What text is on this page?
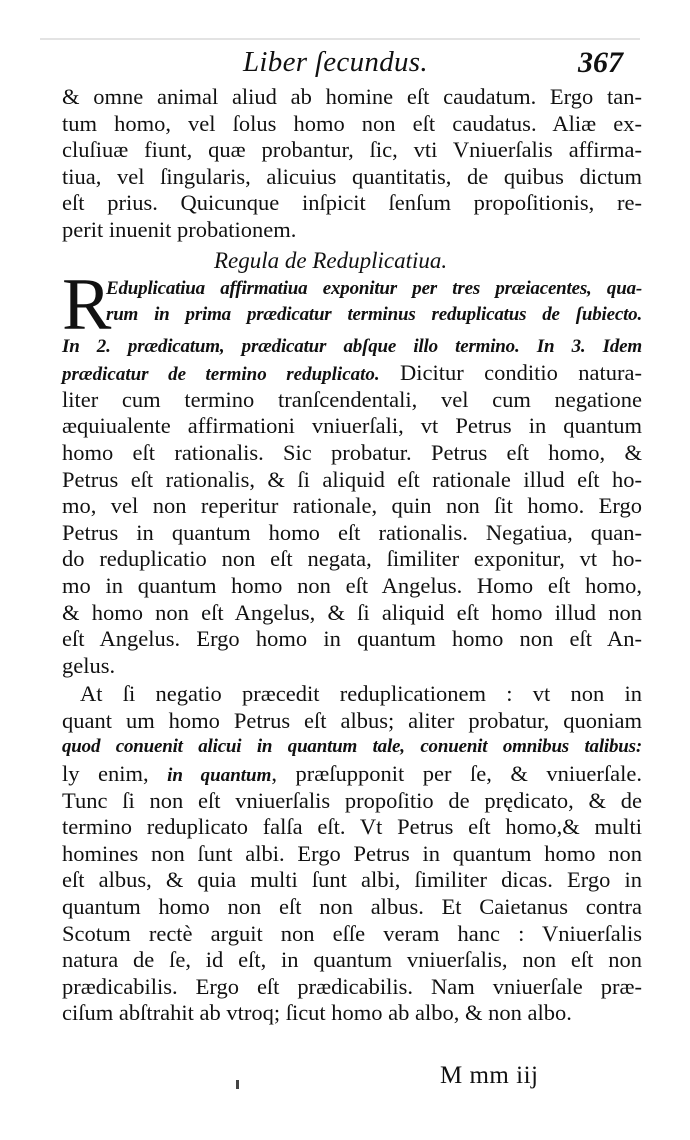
Liber ſecundus.	367
& omne animal aliud ab homine eſt caudatum. Ergo tan-
tum homo, vel ſolus homo non eſt caudatus. Aliæ ex-
cluſiuæ fiunt, quæ probantur, ſic, vti Vniuerſalis affirma-
tiua, vel ſingularis, alicuius quantitatis, de quibus dictum
eſt prius. Quicunque inſpicit ſenſum propoſitionis, re-
perit inuenit probationem.
Regula de Reduplicatiua.
R
Eduplicatiua affirmatiua exponitur per tres præiacentes, qua-
rum in prima prædicatur terminus reduplicatus de ſubiecto.
In 2. prædicatum, prædicatur abſque illo termino. In 3. Idem
prædicatur de termino reduplicato. Dicitur conditio natura-
liter cum termino tranſcendentali, vel cum negatione
æquiualente affirmationi vniuerſali, vt Petrus in quantum
homo eſt rationalis. Sic probatur. Petrus eſt homo, &
Petrus eſt rationalis, & ſi aliquid eſt rationale illud eſt ho-
mo, vel non reperitur rationale, quin non ſit homo. Ergo
Petrus in quantum homo eſt rationalis. Negatiua, quan-
do reduplicatio non eſt negata, ſimiliter exponitur, vt ho-
mo in quantum homo non eſt Angelus. Homo eſt homo,
& homo non eſt Angelus, & ſi aliquid eſt homo illud non
eſt Angelus. Ergo homo in quantum homo non eſt An-
gelus.
At ſi negatio præcedit reduplicationem : vt non in
quant um homo Petrus eſt albus; aliter probatur, quoniam
quod conuenit alicui in quantum tale, conuenit omnibus talibus:
ly enim, in quantum, præſupponit per ſe, & vniuerſale.
Tunc ſi non eſt vniuerſalis propoſitio de prędicato, & de
termino reduplicato falſa eſt. Vt Petrus eſt homo,& multi
homines non ſunt albi. Ergo Petrus in quantum homo non
eſt albus, & quia multi ſunt albi, ſimiliter dicas. Ergo in
quantum homo non eſt non albus. Et Caietanus contra
Scotum rectè arguit non eſſe veram hanc : Vniuerſalis
natura de ſe, id eſt, in quantum vniuerſalis, non eſt non
prædicabilis. Ergo eſt prædicabilis. Nam vniuerſale præ-
ciſum abſtrahit ab vtroq; ſicut homo ab albo, & non albo.
M mm iij
